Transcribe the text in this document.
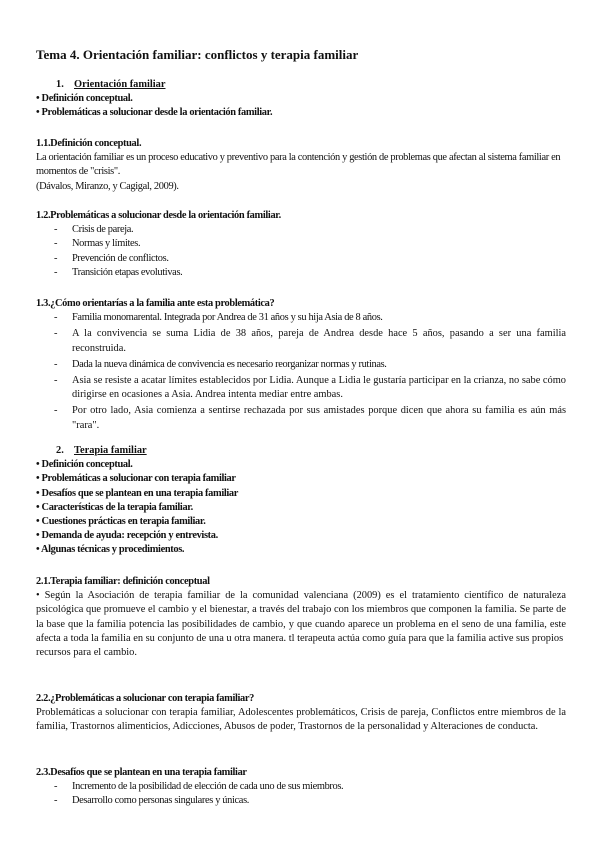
Tema 4. Orientación familiar: conflictos y terapia familiar
1. Orientación familiar
• Definición conceptual.
• Problemáticas a solucionar desde la orientación familiar.
1.1.Definición conceptual.
La orientación familiar es un proceso educativo y preventivo para la contención y gestión de problemas que afectan al sistema familiar en momentos de "crisis".
(Dávalos, Miranzo, y Cagigal, 2009).
1.2.Problemáticas a solucionar desde la orientación familiar.
- Crisis de pareja.
- Normas y límites.
- Prevención de conflictos.
- Transición etapas evolutivas.
1.3.¿Cómo orientarías a la familia ante esta problemática?
- Familia monomarental. Integrada por Andrea de 31 años y su hija Asia de 8 años.
- A la convivencia se suma Lidia de 38 años, pareja de Andrea desde hace 5 años, pasando a ser una familia reconstruida.
- Dada la nueva dinámica de convivencia es necesario reorganizar normas y rutinas.
- Asia se resiste a acatar límites establecidos por Lidia. Aunque a Lidia le gustaría participar en la crianza, no sabe cómo dirigirse en ocasiones a Asia. Andrea intenta mediar entre ambas.
- Por otro lado, Asia comienza a sentirse rechazada por sus amistades porque dicen que ahora su familia es aún más "rara".
2. Terapia familiar
• Definición conceptual.
• Problemáticas a solucionar con terapia familiar
• Desafíos que se plantean en una terapia familiar
• Características de la terapia familiar.
• Cuestiones prácticas en terapia familiar.
• Demanda de ayuda: recepción y entrevista.
• Algunas técnicas y procedimientos.
2.1.Terapia familiar: definición conceptual
• Según la Asociación de terapia familiar de la comunidad valenciana (2009) es el tratamiento científico de naturaleza psicológica que promueve el cambio y el bienestar, a través del trabajo con los miembros que componen la familia. Se parte de la base que la familia potencia las posibilidades de cambio, y que cuando aparece un problema en el seno de una familia, este afecta a toda la familia en su conjunto de una u otra manera. tl terapeuta actúa como guía para que la familia active sus propios
recursos para el cambio.
2.2.¿Problemáticas a solucionar con terapia familiar?
Problemáticas a solucionar con terapia familiar, Adolescentes problemáticos, Crisis de pareja, Conflictos entre miembros de la familia, Trastornos alimenticios, Adicciones, Abusos de poder, Trastornos de la personalidad y Alteraciones de conducta.
2.3.Desafíos que se plantean en una terapia familiar
- Incremento de la posibilidad de elección de cada uno de sus miembros.
- Desarrollo como personas singulares y únicas.
